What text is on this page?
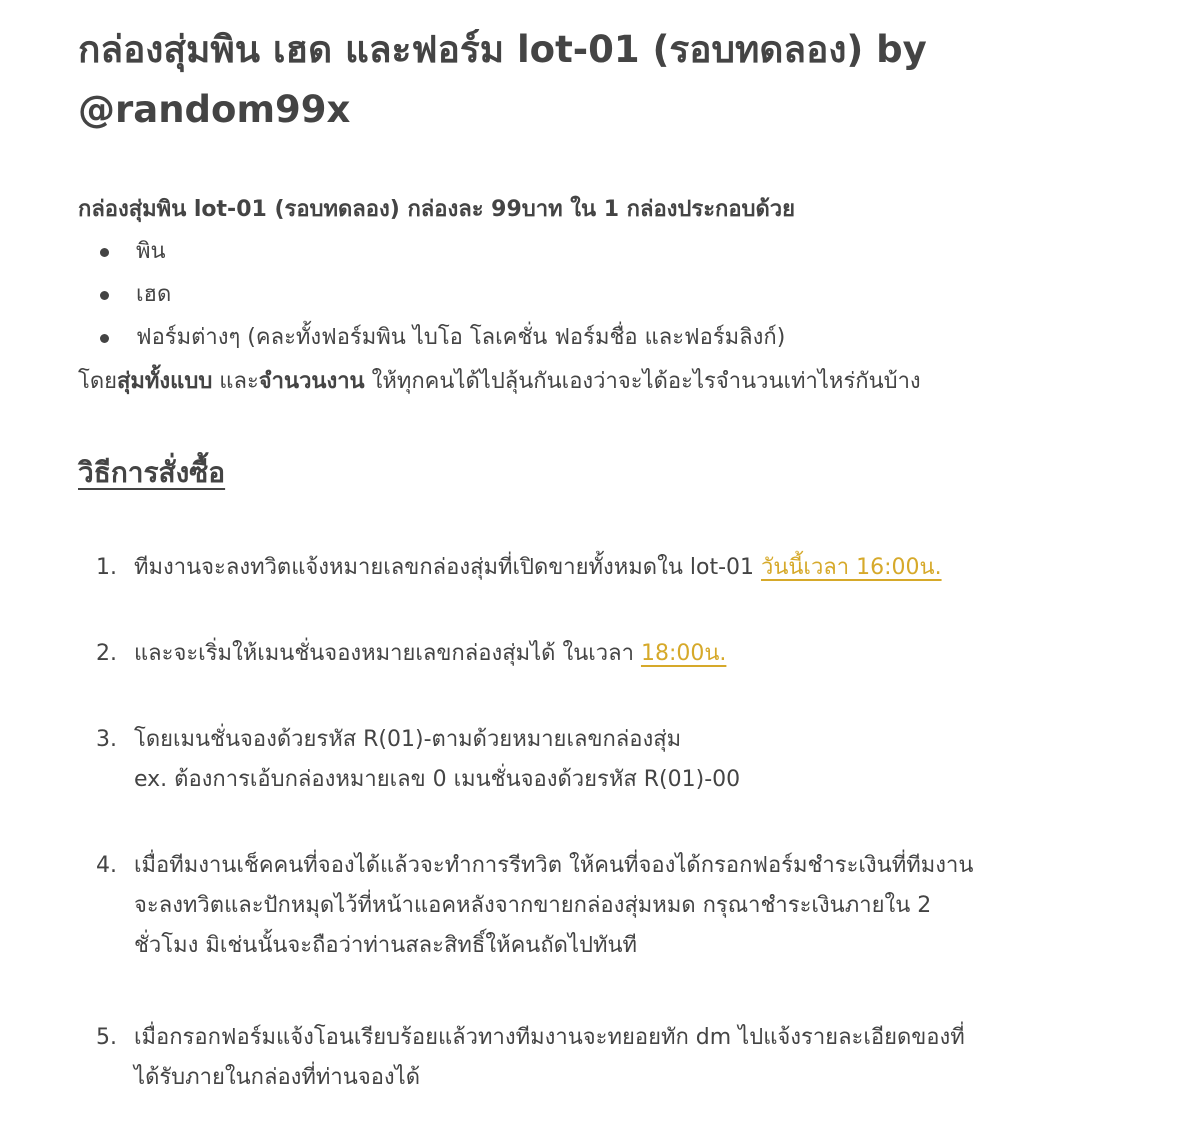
กล่องสุ่มพิน เฮด และฟอร์ม lot-01 (รอบทดลอง) by @random99x
กล่องสุ่มพิน lot-01 (รอบทดลอง) กล่องละ 99บาท ใน 1 กล่องประกอบด้วย
พิน
เฮด
ฟอร์มต่างๆ (คละทั้งฟอร์มพิน ไบโอ โลเคชั่น ฟอร์มชื่อ และฟอร์มลิงก์)
โดยสุ่มทั้งแบบ และจำนวนงาน ให้ทุกคนได้ไปลุ้นกันเองว่าจะได้อะไรจำนวนเท่าไหร่กันบ้าง
วิธีการสั่งซื้อ
1. ทีมงานจะลงทวิตแจ้งหมายเลขกล่องสุ่มที่เปิดขายทั้งหมดใน lot-01 วันนี้เวลา 16:00น.
2. และจะเริ่มให้เมนชั่นจองหมายเลขกล่องสุ่มได้ ในเวลา 18:00น.
3. โดยเมนชั่นจองด้วยรหัส R(01)-ตามด้วยหมายเลขกล่องสุ่ม
ex. ต้องการเอ้บกล่องหมายเลข 0 เมนชั่นจองด้วยรหัส R(01)-00
4. เมื่อทีมงานเช็คคนที่จองได้แล้วจะทำการรีทวิต ให้คนที่จองได้กรอกฟอร์มชำระเงินที่ทีมงาน
จะลงทวิตและปักหมุดไว้ที่หน้าแอคหลังจากขายกล่องสุ่มหมด กรุณาชำระเงินภายใน 2
ชั่วโมง มิเช่นนั้นจะถือว่าท่านสละสิทธิ์ให้คนถัดไปทันที
5. เมื่อกรอกฟอร์มแจ้งโอนเรียบร้อยแล้วทางทีมงานจะทยอยทัก dm ไปแจ้งรายละเอียดของที่
ได้รับภายในกล่องที่ท่านจองได้
